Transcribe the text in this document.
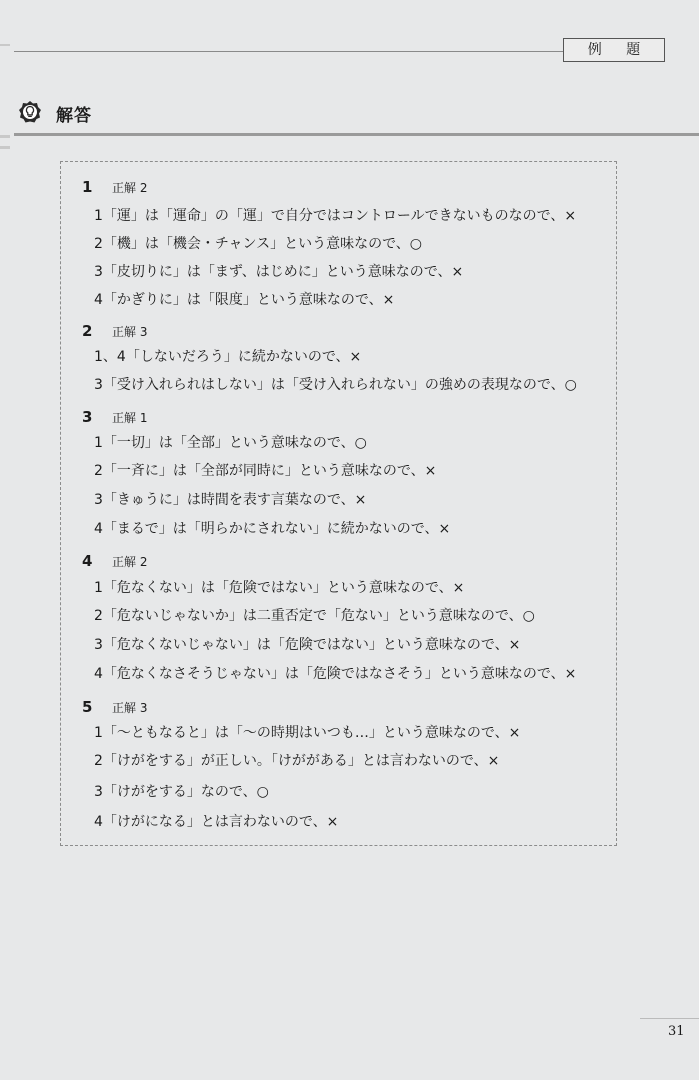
例 題
解答
1	正解 2
1「運」は「運命」の「運」で自分ではコントロールできないものなので、×
2「機」は「機会・チャンス」という意味なので、○
3「皮切りに」は「まず、はじめに」という意味なので、×
4「かぎりに」は「限度」という意味なので、×
2	正解 3
1、4「しないだろう」に続かないので、×
3「受け入れられはしない」は「受け入れられない」の強めの表現なので、○
3	正解 1
1「一切」は「全部」という意味なので、○
2「一斉に」は「全部が同時に」という意味なので、×
3「きゅうに」は時間を表す言葉なので、×
4「まるで」は「明らかにされない」に続かないので、×
4	正解 2
1「危なくない」は「危険ではない」という意味なので、×
2「危ないじゃないか」は二重否定で「危ない」という意味なので、○
3「危なくないじゃない」は「危険ではない」という意味なので、×
4「危なくなさそうじゃない」は「危険ではなさそう」という意味なので、×
5	正解 3
1「～ともなると」は「～の時期はいつも…」という意味なので、×
2「けがをする」が正しい。「けががある」とは言わないので、×
3「けがをする」なので、○
4「けがになる」とは言わないので、×
31
